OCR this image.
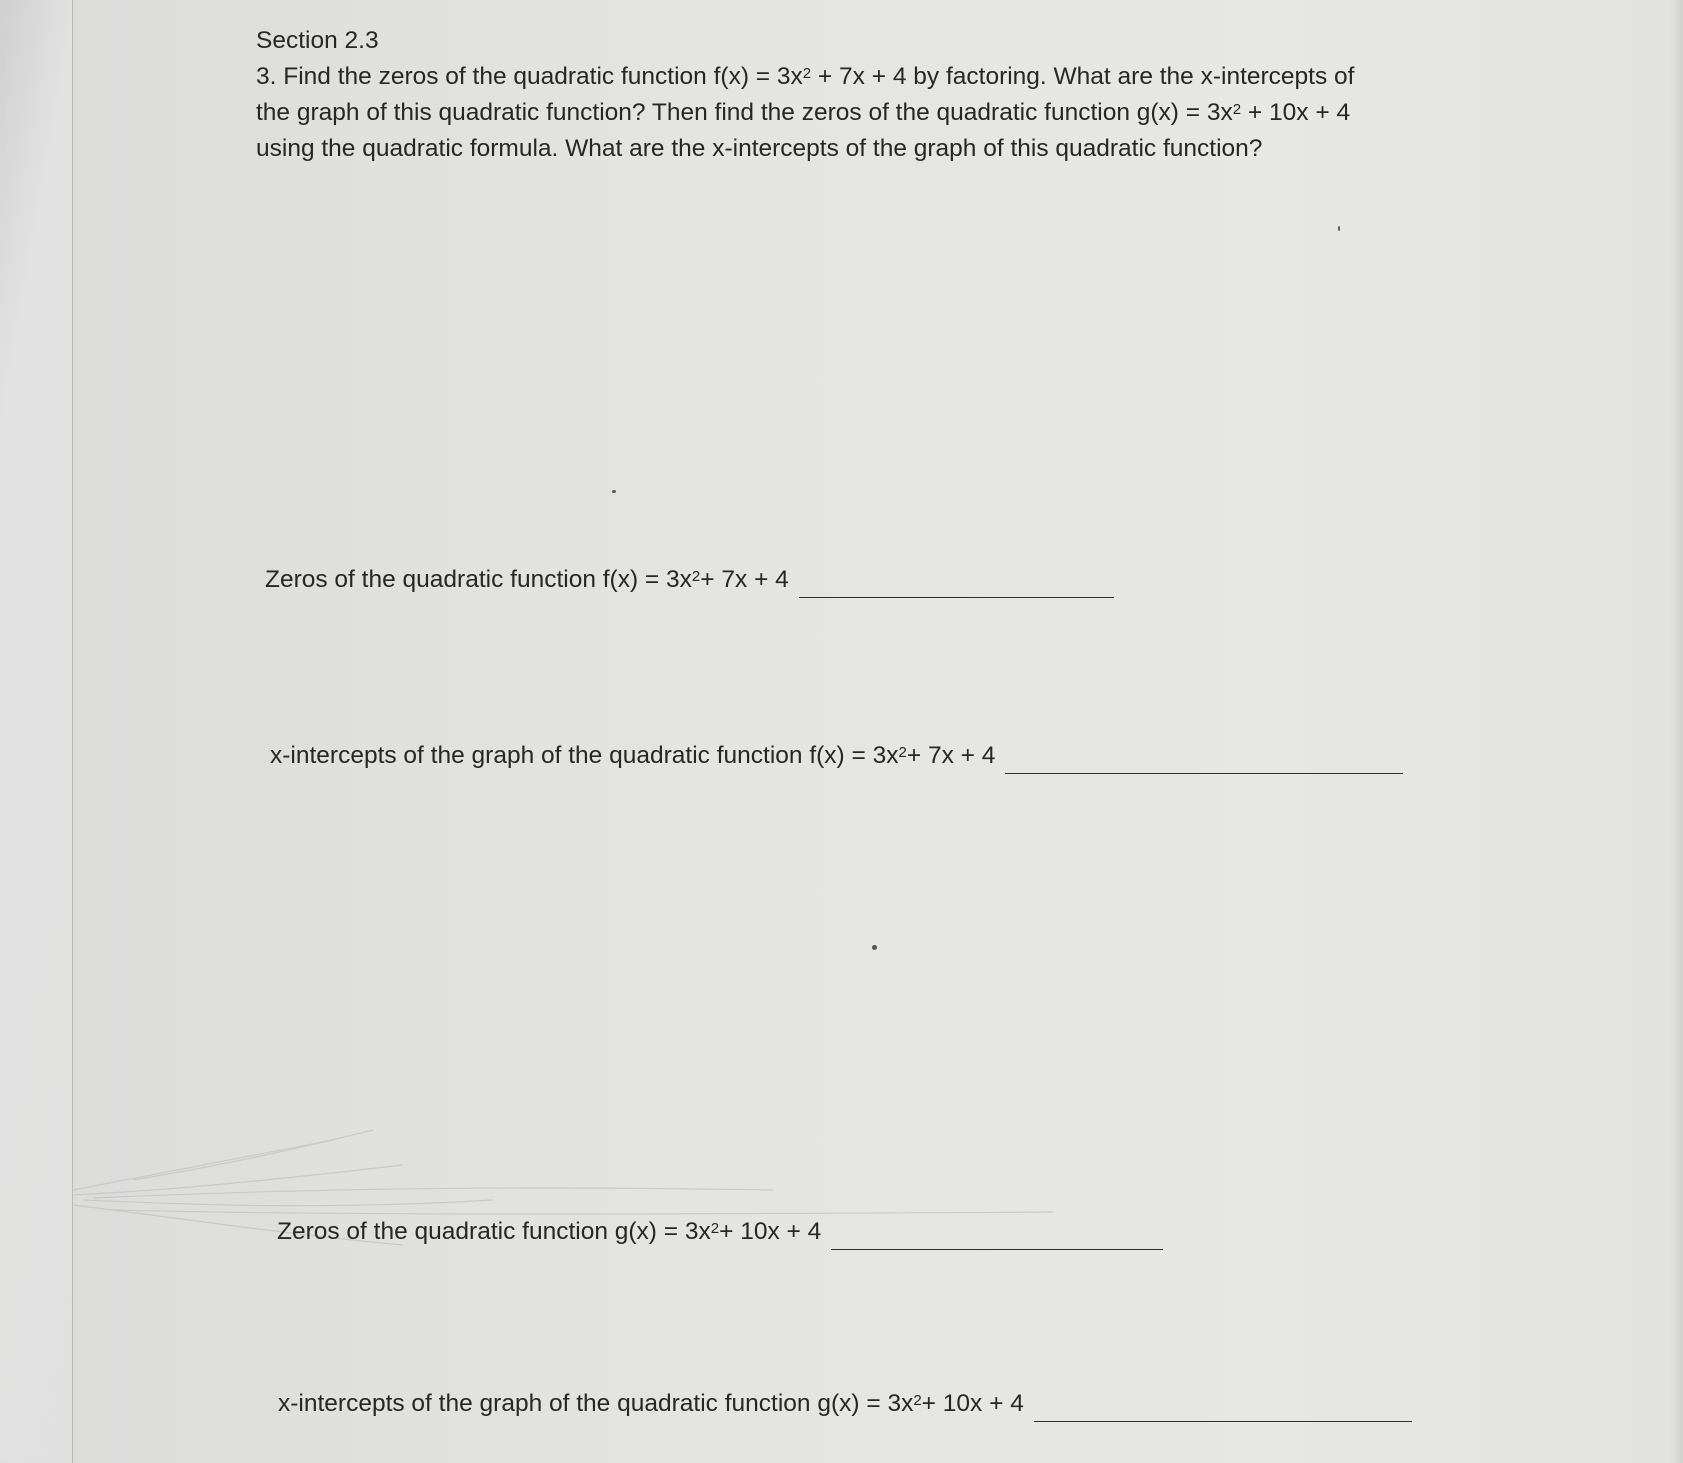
Section 2.3
3. Find the zeros of the quadratic function $f(x) = 3x^2 + 7x + 4$ by factoring. What are the x-intercepts of
the graph of this quadratic function? Then find the zeros of the quadratic function $g(x) = 3x^2 + 10x + 4$
using the quadratic formula. What are the x-intercepts of the graph of this quadratic function?
Zeros of the quadratic function $f(x) = 3x^2 + 7x + 4$
x-intercepts of the graph of the quadratic function $f(x) = 3x^2 + 7x + 4$
Zeros of the quadratic function $g(x) = 3x^2 + 10x + 4$
x-intercepts of the graph of the quadratic function $g(x) = 3x^2 + 10x + 4$
